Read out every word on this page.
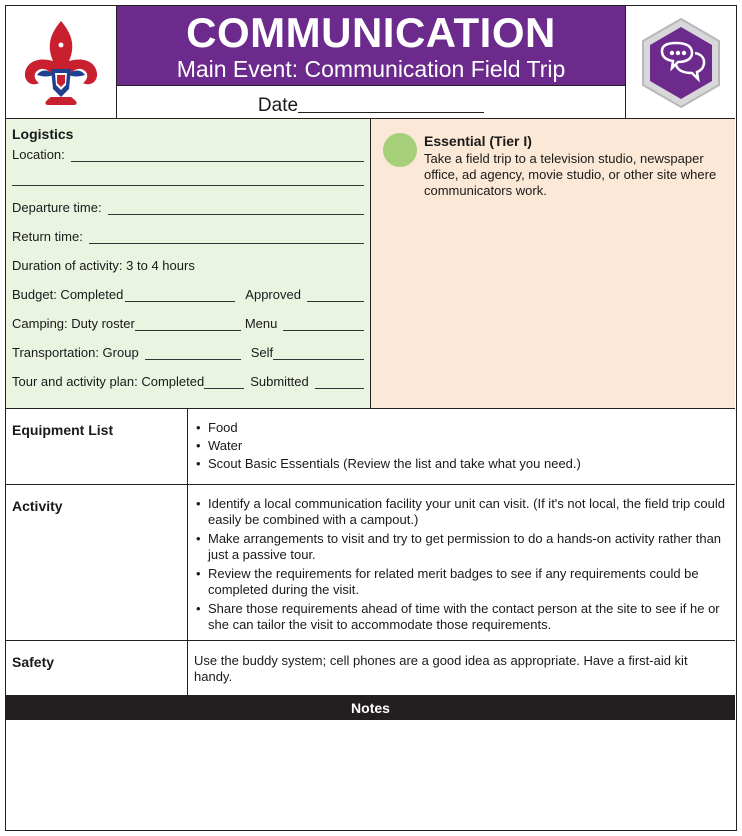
COMMUNICATION
Main Event: Communication Field Trip
Date
Logistics
Location:
Departure time:
Return time:
Duration of activity: 3 to 4 hours
Budget: Completed	Approved
Camping: Duty roster	Menu
Transportation: Group	Self
Tour and activity plan: Completed	Submitted
Essential (Tier I)
Take a field trip to a television studio, newspaper office, ad agency, movie studio, or other site where communicators work.
Equipment List	• Food
• Water
• Scout Basic Essentials (Review the list and take what you need.)
Activity	• Identify a local communication facility your unit can visit. (If it's not local, the field trip could easily be combined with a campout.)
• Make arrangements to visit and try to get permission to do a hands-on activity rather than just a passive tour.
• Review the requirements for related merit badges to see if any requirements could be completed during the visit.
• Share those requirements ahead of time with the contact person at the site to see if he or she can tailor the visit to accommodate those requirements.
Safety	Use the buddy system; cell phones are a good idea as appropriate. Have a first-aid kit handy.
Notes
